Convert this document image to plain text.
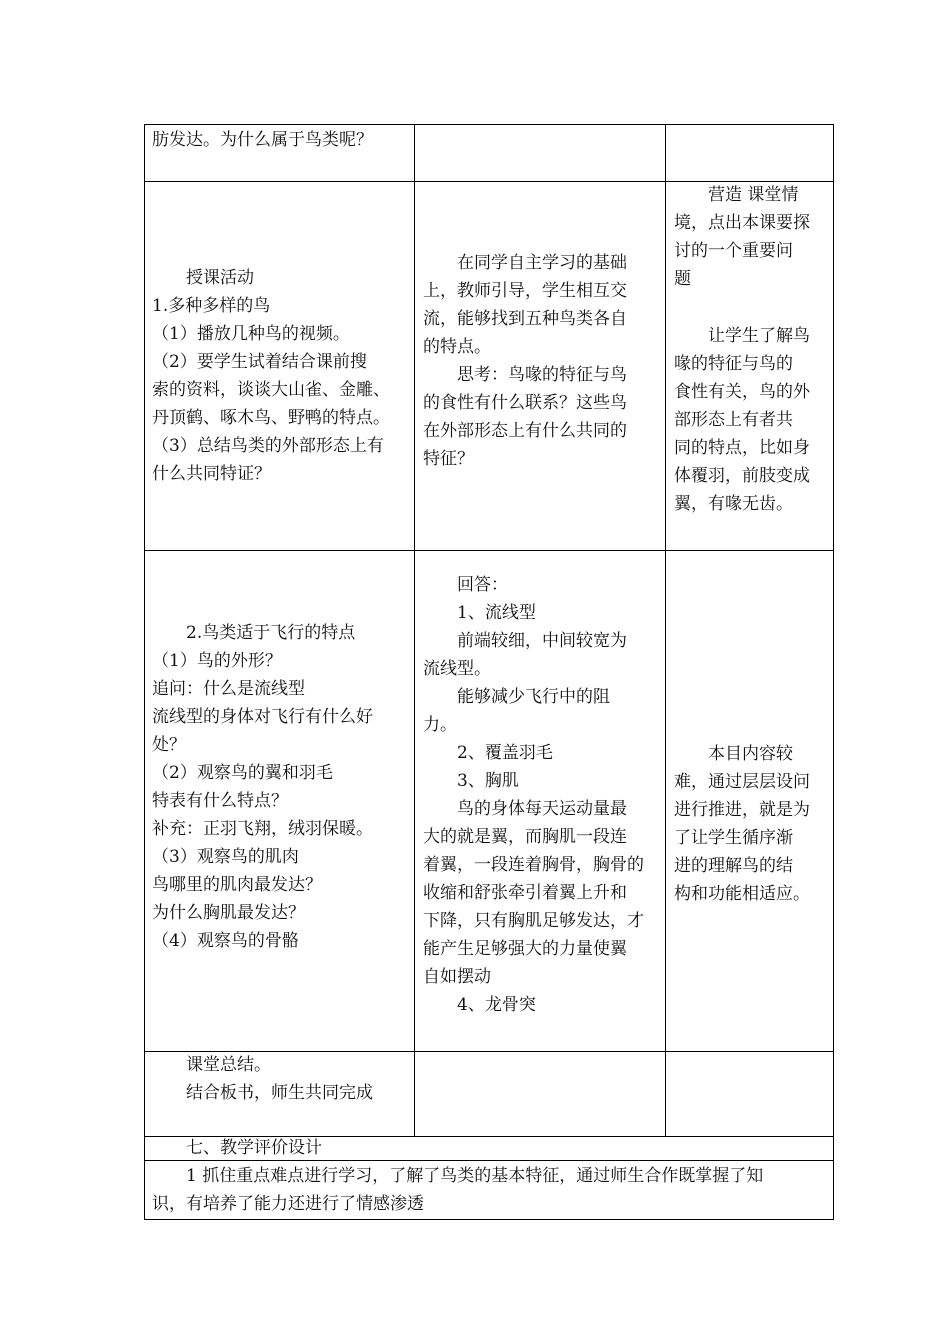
肪发达。为什么属于鸟类呢？
授课活动
1.多种多样的鸟
（1）播放几种鸟的视频。
（2）要学生试着结合课前搜
索的资料，谈谈大山雀、金雕、
丹顶鹤、啄木鸟、野鸭的特点。
（3）总结鸟类的外部形态上有
什么共同特证？
在同学自主学习的基础
上，教师引导，学生相互交
流，能够找到五种鸟类各自
的特点。
思考：鸟喙的特征与鸟
的食性有什么联系？这些鸟
在外部形态上有什么共同的
特征？
营造 课堂情
境，点出本课要探
讨的一个重要问
题
让学生了解鸟
喙的特征与鸟的
食性有关，鸟的外
部形态上有者共
同的特点，比如身
体覆羽，前肢变成
翼，有喙无齿。
2.鸟类适于飞行的特点
（1）鸟的外形？
追问：什么是流线型
流线型的身体对飞行有什么好
处？
（2）观察鸟的翼和羽毛
特表有什么特点？
补充：正羽飞翔，绒羽保暖。
（3）观察鸟的肌肉
鸟哪里的肌肉最发达？
为什么胸肌最发达？
（4）观察鸟的骨骼
回答：
1、流线型
前端较细，中间较宽为
流线型。
能够减少飞行中的阻
力。
2、覆盖羽毛
3、胸肌
鸟的身体每天运动量最
大的就是翼，而胸肌一段连
着翼，一段连着胸骨，胸骨的
收缩和舒张牵引着翼上升和
下降，只有胸肌足够发达，才
能产生足够强大的力量使翼
自如摆动
4、龙骨突
本目内容较
难，通过层层设问
进行推进，就是为
了让学生循序渐
进的理解鸟的结
构和功能相适应。
课堂总结。
结合板书，师生共同完成
七、教学评价设计
1 抓住重点难点进行学习，了解了鸟类的基本特征，通过师生合作既掌握了知
识，有培养了能力还进行了情感渗透
